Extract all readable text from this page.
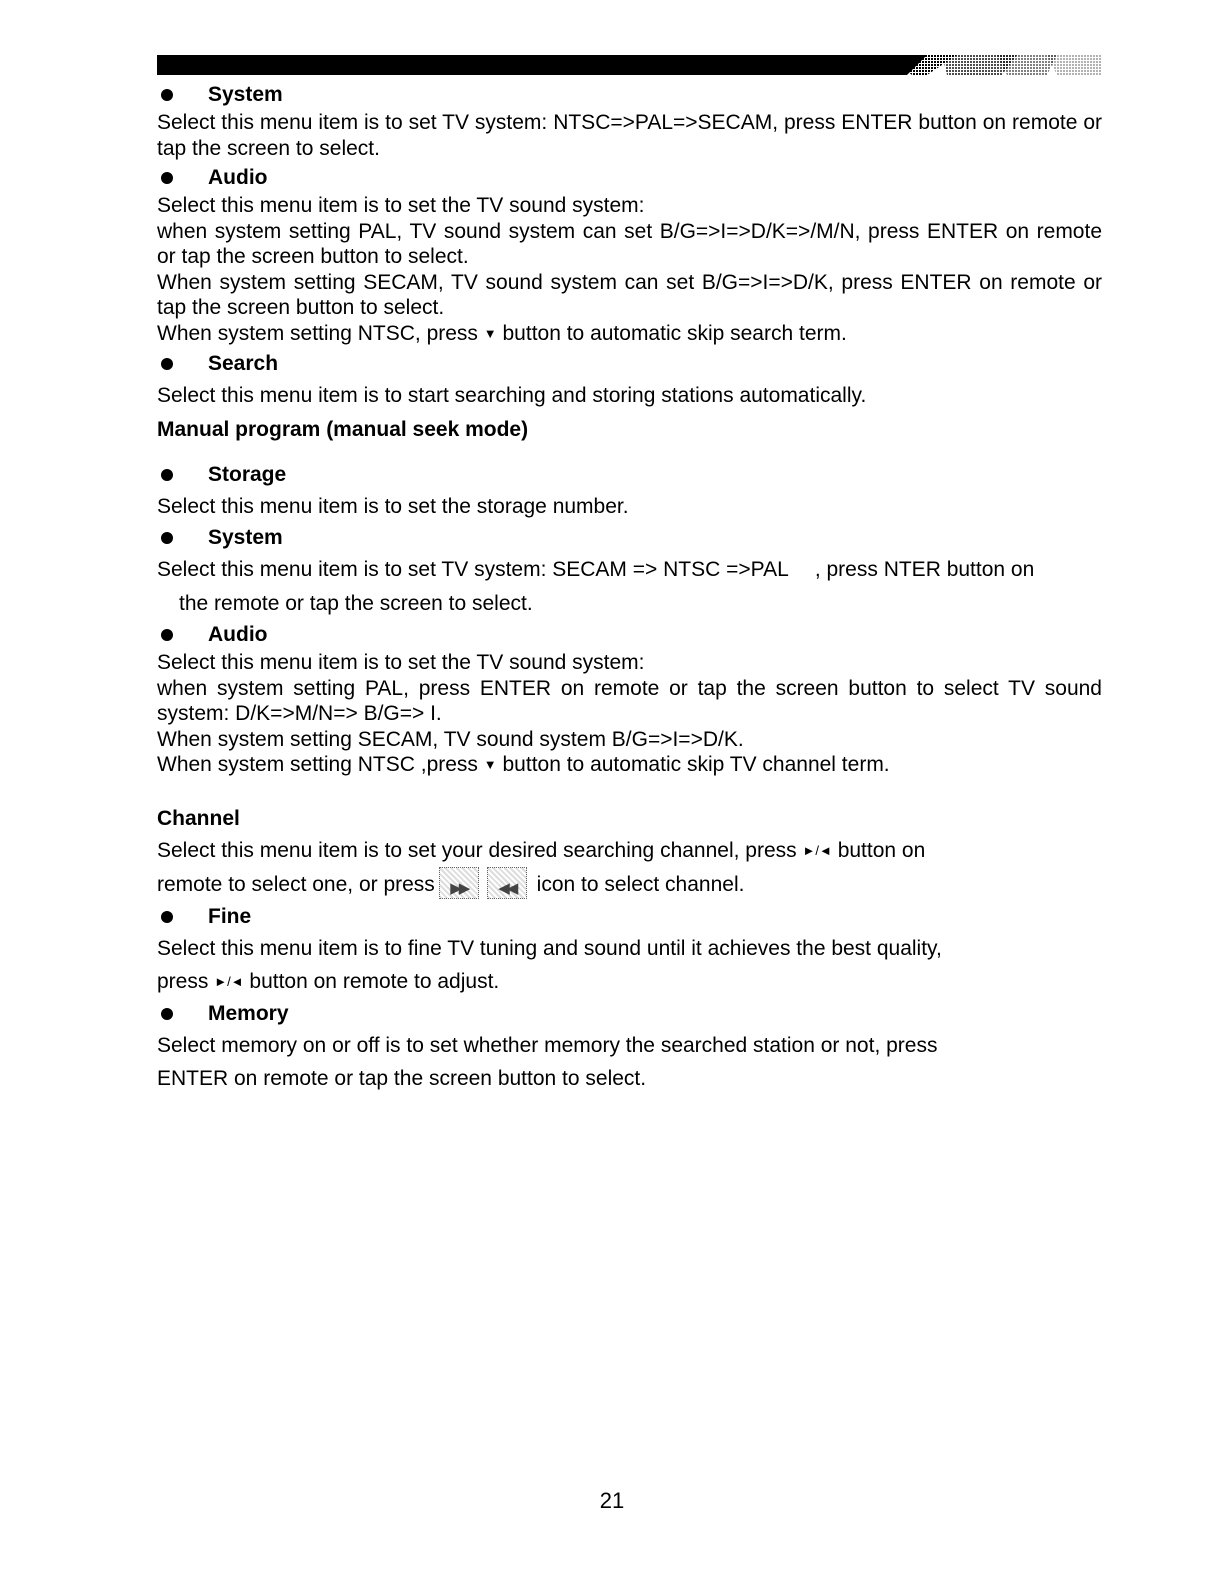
System
Select this menu item is to set TV system: NTSC=>PAL=>SECAM, press ENTER button on remote or tap the screen to select.
Audio
Select this menu item is to set the TV sound system:
when system setting PAL, TV sound system can set B/G=>I=>D/K=>/M/N, press ENTER on remote or tap the screen button to select.
When system setting SECAM, TV sound system can set B/G=>I=>D/K, press ENTER on remote or tap the screen button to select.
When system setting NTSC, press ▼ button to automatic skip search term.
Search
Select this menu item is to start searching and storing stations automatically.
Manual program (manual seek mode)
Storage
Select this menu item is to set the storage number.
System
Select this menu item is to set TV system: SECAM => NTSC =>PAL 　, press NTER button on
the remote or tap the screen to select.
Audio
Select this menu item is to set the TV sound system:
when system setting PAL, press ENTER on remote or tap the screen button to select TV sound system: D/K=>M/N=> B/G=> I.
When system setting SECAM, TV sound system B/G=>I=>D/K.
When system setting NTSC ,press ▼ button to automatic skip TV channel term.
Channel
Select this menu item is to set your desired searching channel, press ►/◄ button on
remote to select one, or press	▶▶	◀◀	icon to select channel.
Fine
Select this menu item is to fine TV tuning and sound until it achieves the best quality,
press ►/◄ button on remote to adjust.
Memory
Select memory on or off is to set whether memory the searched station or not, press
ENTER on remote or tap the screen button to select.
21
